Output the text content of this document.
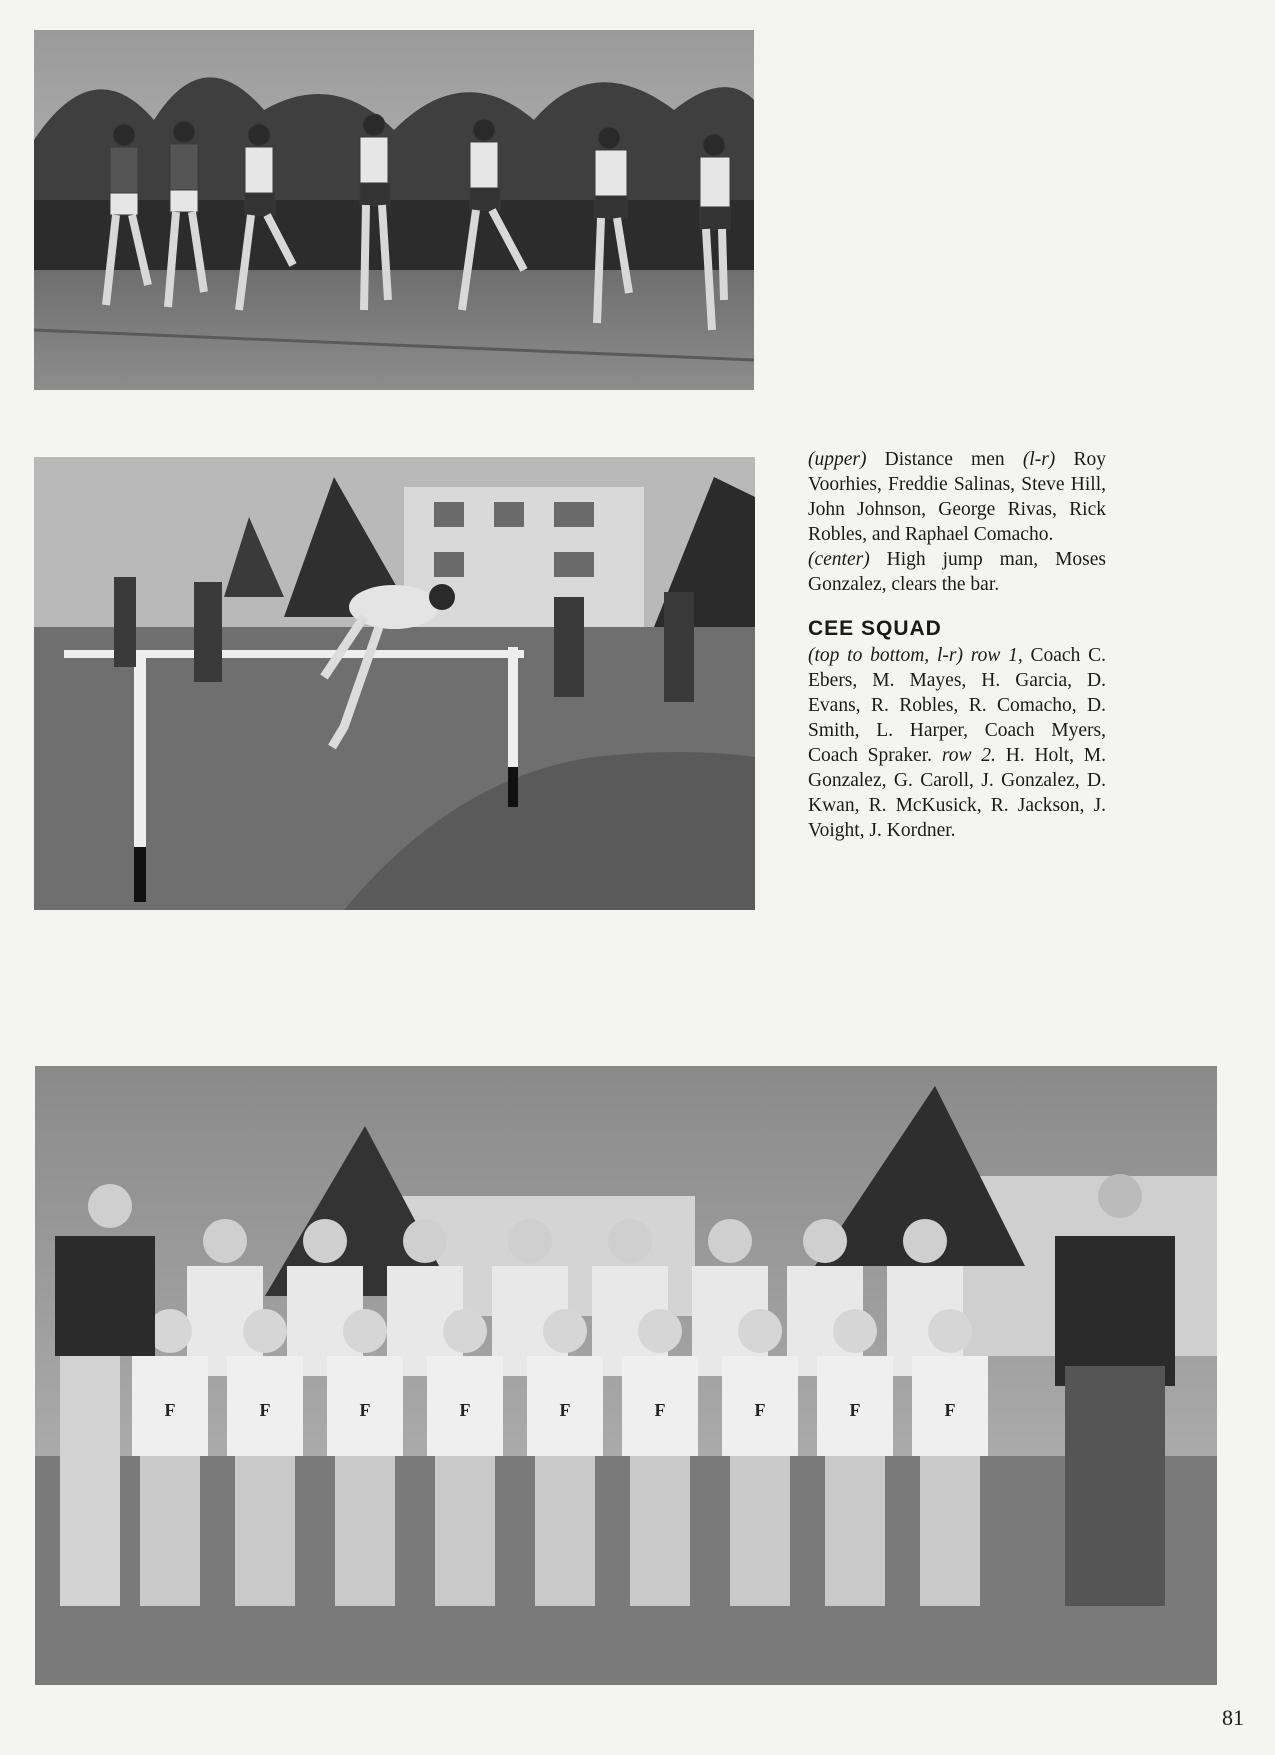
(upper) Distance men (l-r) Roy Voorhies, Freddie Salinas, Steve Hill, John Johnson, George Rivas, Rick Robles, and Raphael Comacho.

(center) High jump man, Moses Gonzalez, clears the bar.

CEE SQUAD

(top to bottom, l-r) row 1, Coach C. Ebers, M. Mayes, H. Garcia, D. Evans, R. Robles, R. Comacho, D. Smith, L. Harper, Coach Myers, Coach Spraker. row 2. H. Holt, M. Gonzalez, G. Caroll, J. Gonzalez, D. Kwan, R. McKusick, R. Jackson, J. Voight, J. Kordner.

F	F	F	F	F	F	F	F	F
81
